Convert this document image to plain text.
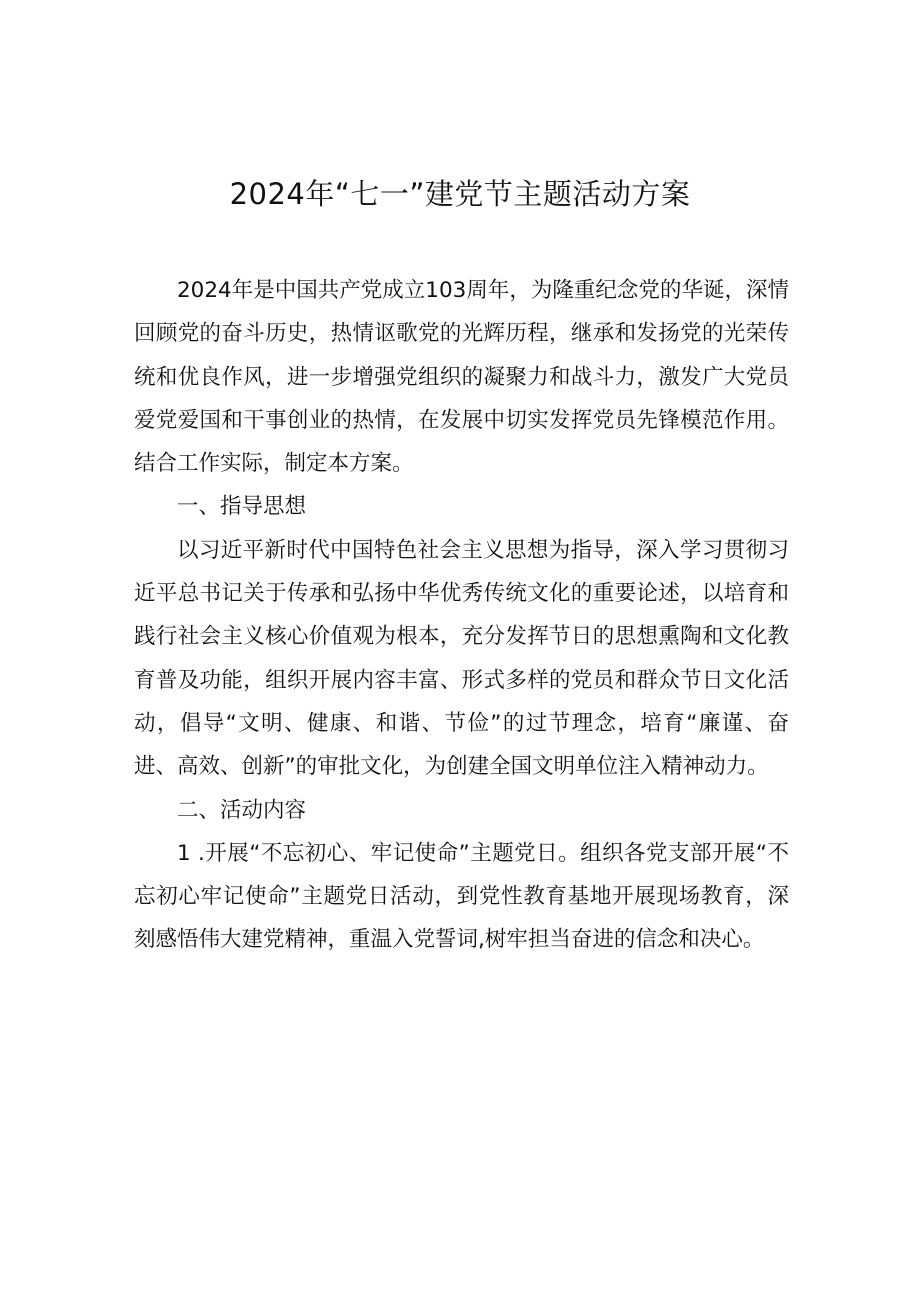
2024年“七一”建党节主题活动方案

2024年是中国共产党成立103周年，为隆重纪念党的华诞，深情回顾党的奋斗历史，热情讴歌党的光辉历程，继承和发扬党的光荣传统和优良作风，进一步增强党组织的凝聚力和战斗力，激发广大党员爱党爱国和干事创业的热情，在发展中切实发挥党员先锋模范作用。结合工作实际，制定本方案。

一、指导思想

以习近平新时代中国特色社会主义思想为指导，深入学习贯彻习近平总书记关于传承和弘扬中华优秀传统文化的重要论述，以培育和践行社会主义核心价值观为根本，充分发挥节日的思想熏陶和文化教育普及功能，组织开展内容丰富、形式多样的党员和群众节日文化活动，倡导“文明、健康、和谐、节俭”的过节理念，培育“廉谨、奋进、高效、创新”的审批文化，为创建全国文明单位注入精神动力。

二、活动内容

1 .开展“不忘初心、牢记使命”主题党日。组织各党支部开展“不忘初心牢记使命”主题党日活动，到党性教育基地开展现场教育，深刻感悟伟大建党精神，重温入党誓词,树牢担当奋进的信念和决心。
